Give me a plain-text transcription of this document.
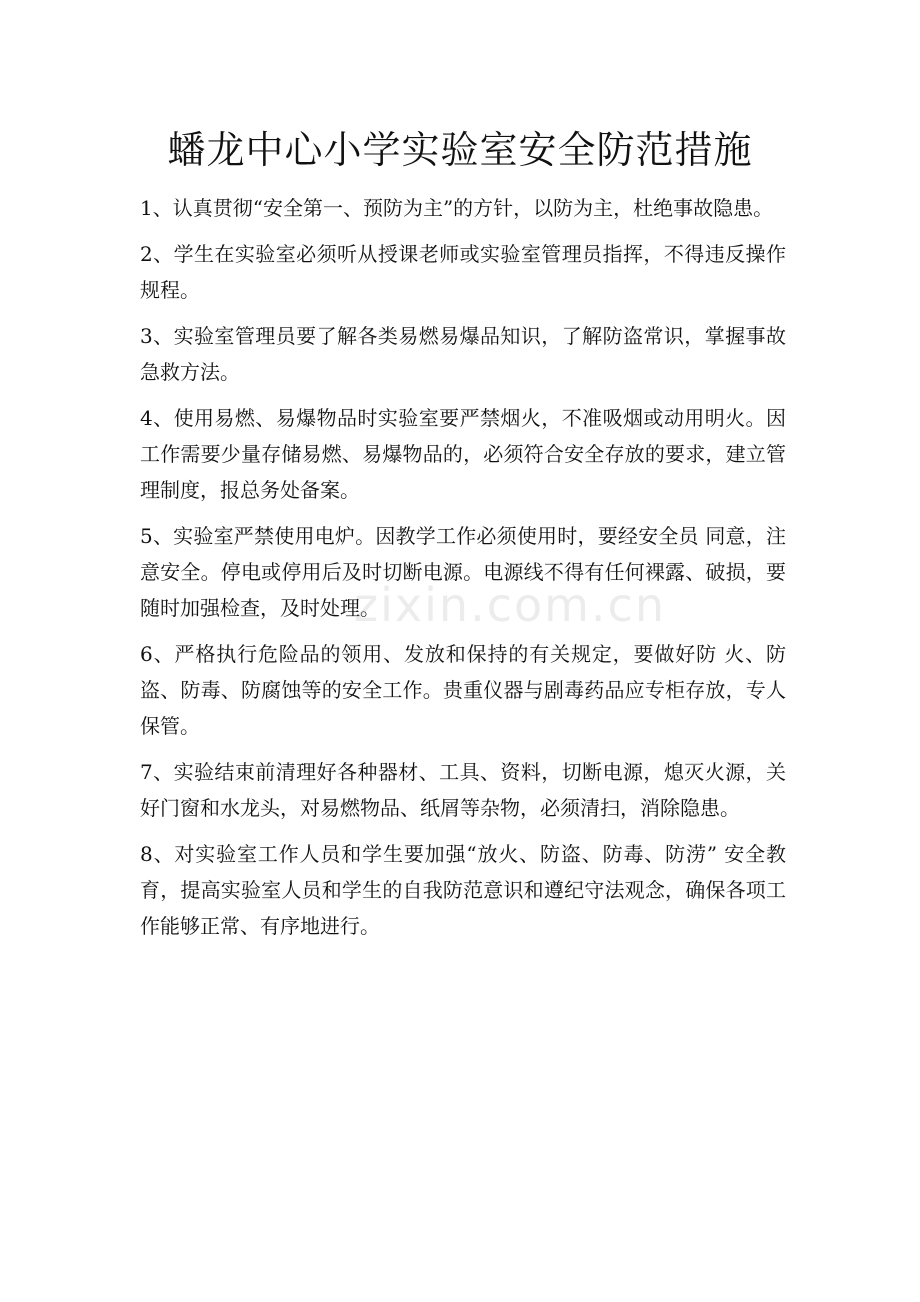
蟠龙中心小学实验室安全防范措施

1、认真贯彻“安全第一、预防为主”的方针，以防为主，杜绝事故隐患。

2、学生在实验室必须听从授课老师或实验室管理员指挥，不得违反操作规程。

3、实验室管理员要了解各类易燃易爆品知识，了解防盗常识，掌握事故急救方法。

4、使用易燃、易爆物品时实验室要严禁烟火，不准吸烟或动用明火。因工作需要少量存储易燃、易爆物品的，必须符合安全存放的要求，建立管理制度，报总务处备案。

5、实验室严禁使用电炉。因教学工作必须使用时，要经安全员 同意，注意安全。停电或停用后及时切断电源。电源线不得有任何裸露、破损，要随时加强检查，及时处理。

6、严格执行危险品的领用、发放和保持的有关规定，要做好防 火、防盗、防毒、防腐蚀等的安全工作。贵重仪器与剧毒药品应专柜存放，专人保管。

7、实验结束前清理好各种器材、工具、资料，切断电源，熄灭火源，关好门窗和水龙头，对易燃物品、纸屑等杂物，必须清扫，消除隐患。

8、对实验室工作人员和学生要加强“放火、防盗、防毒、防涝” 安全教育，提高实验室人员和学生的自我防范意识和遵纪守法观念，确保各项工作能够正常、有序地进行。

zixin.com.cn
